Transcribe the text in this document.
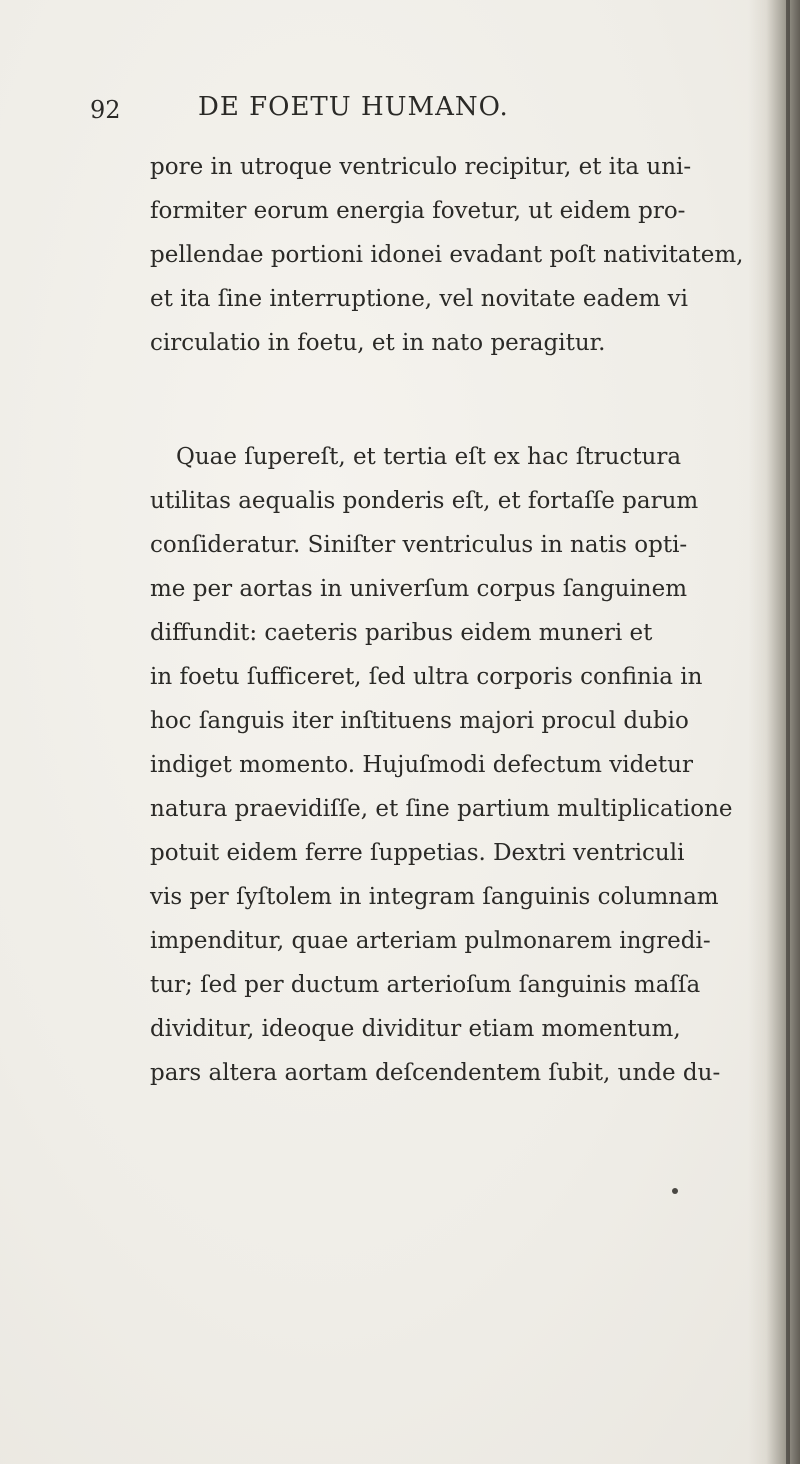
92	DE FOETU HUMANO.
pore in utroque ventriculo recipitur, et ita uni-
formiter eorum energia fovetur, ut eidem pro-
pellendae portioni idonei evadant poſt nativitatem,
et ita ſine interruptione, vel novitate eadem vi
circulatio in foetu, et in nato peragitur.
Quae ſupereſt, et tertia eſt ex hac ſtructura
utilitas aequalis ponderis eſt, et fortaſſe parum
conſideratur. Siniſter ventriculus in natis opti-
me per aortas in univerſum corpus ſanguinem
diffundit: caeteris paribus eidem muneri et
in foetu ſufficeret, ſed ultra corporis confinia in
hoc ſanguis iter inſtituens majori procul dubio
indiget momento. Hujuſmodi defectum videtur
natura praevidiſſe, et ſine partium multiplicatione
potuit eidem ferre ſuppetias. Dextri ventriculi
vis per ſyſtolem in integram ſanguinis columnam
impenditur, quae arteriam pulmonarem ingredi-
tur; ſed per ductum arterioſum ſanguinis maſſa
dividitur, ideoque dividitur etiam momentum,
pars altera aortam deſcendentem ſubit, unde du-
